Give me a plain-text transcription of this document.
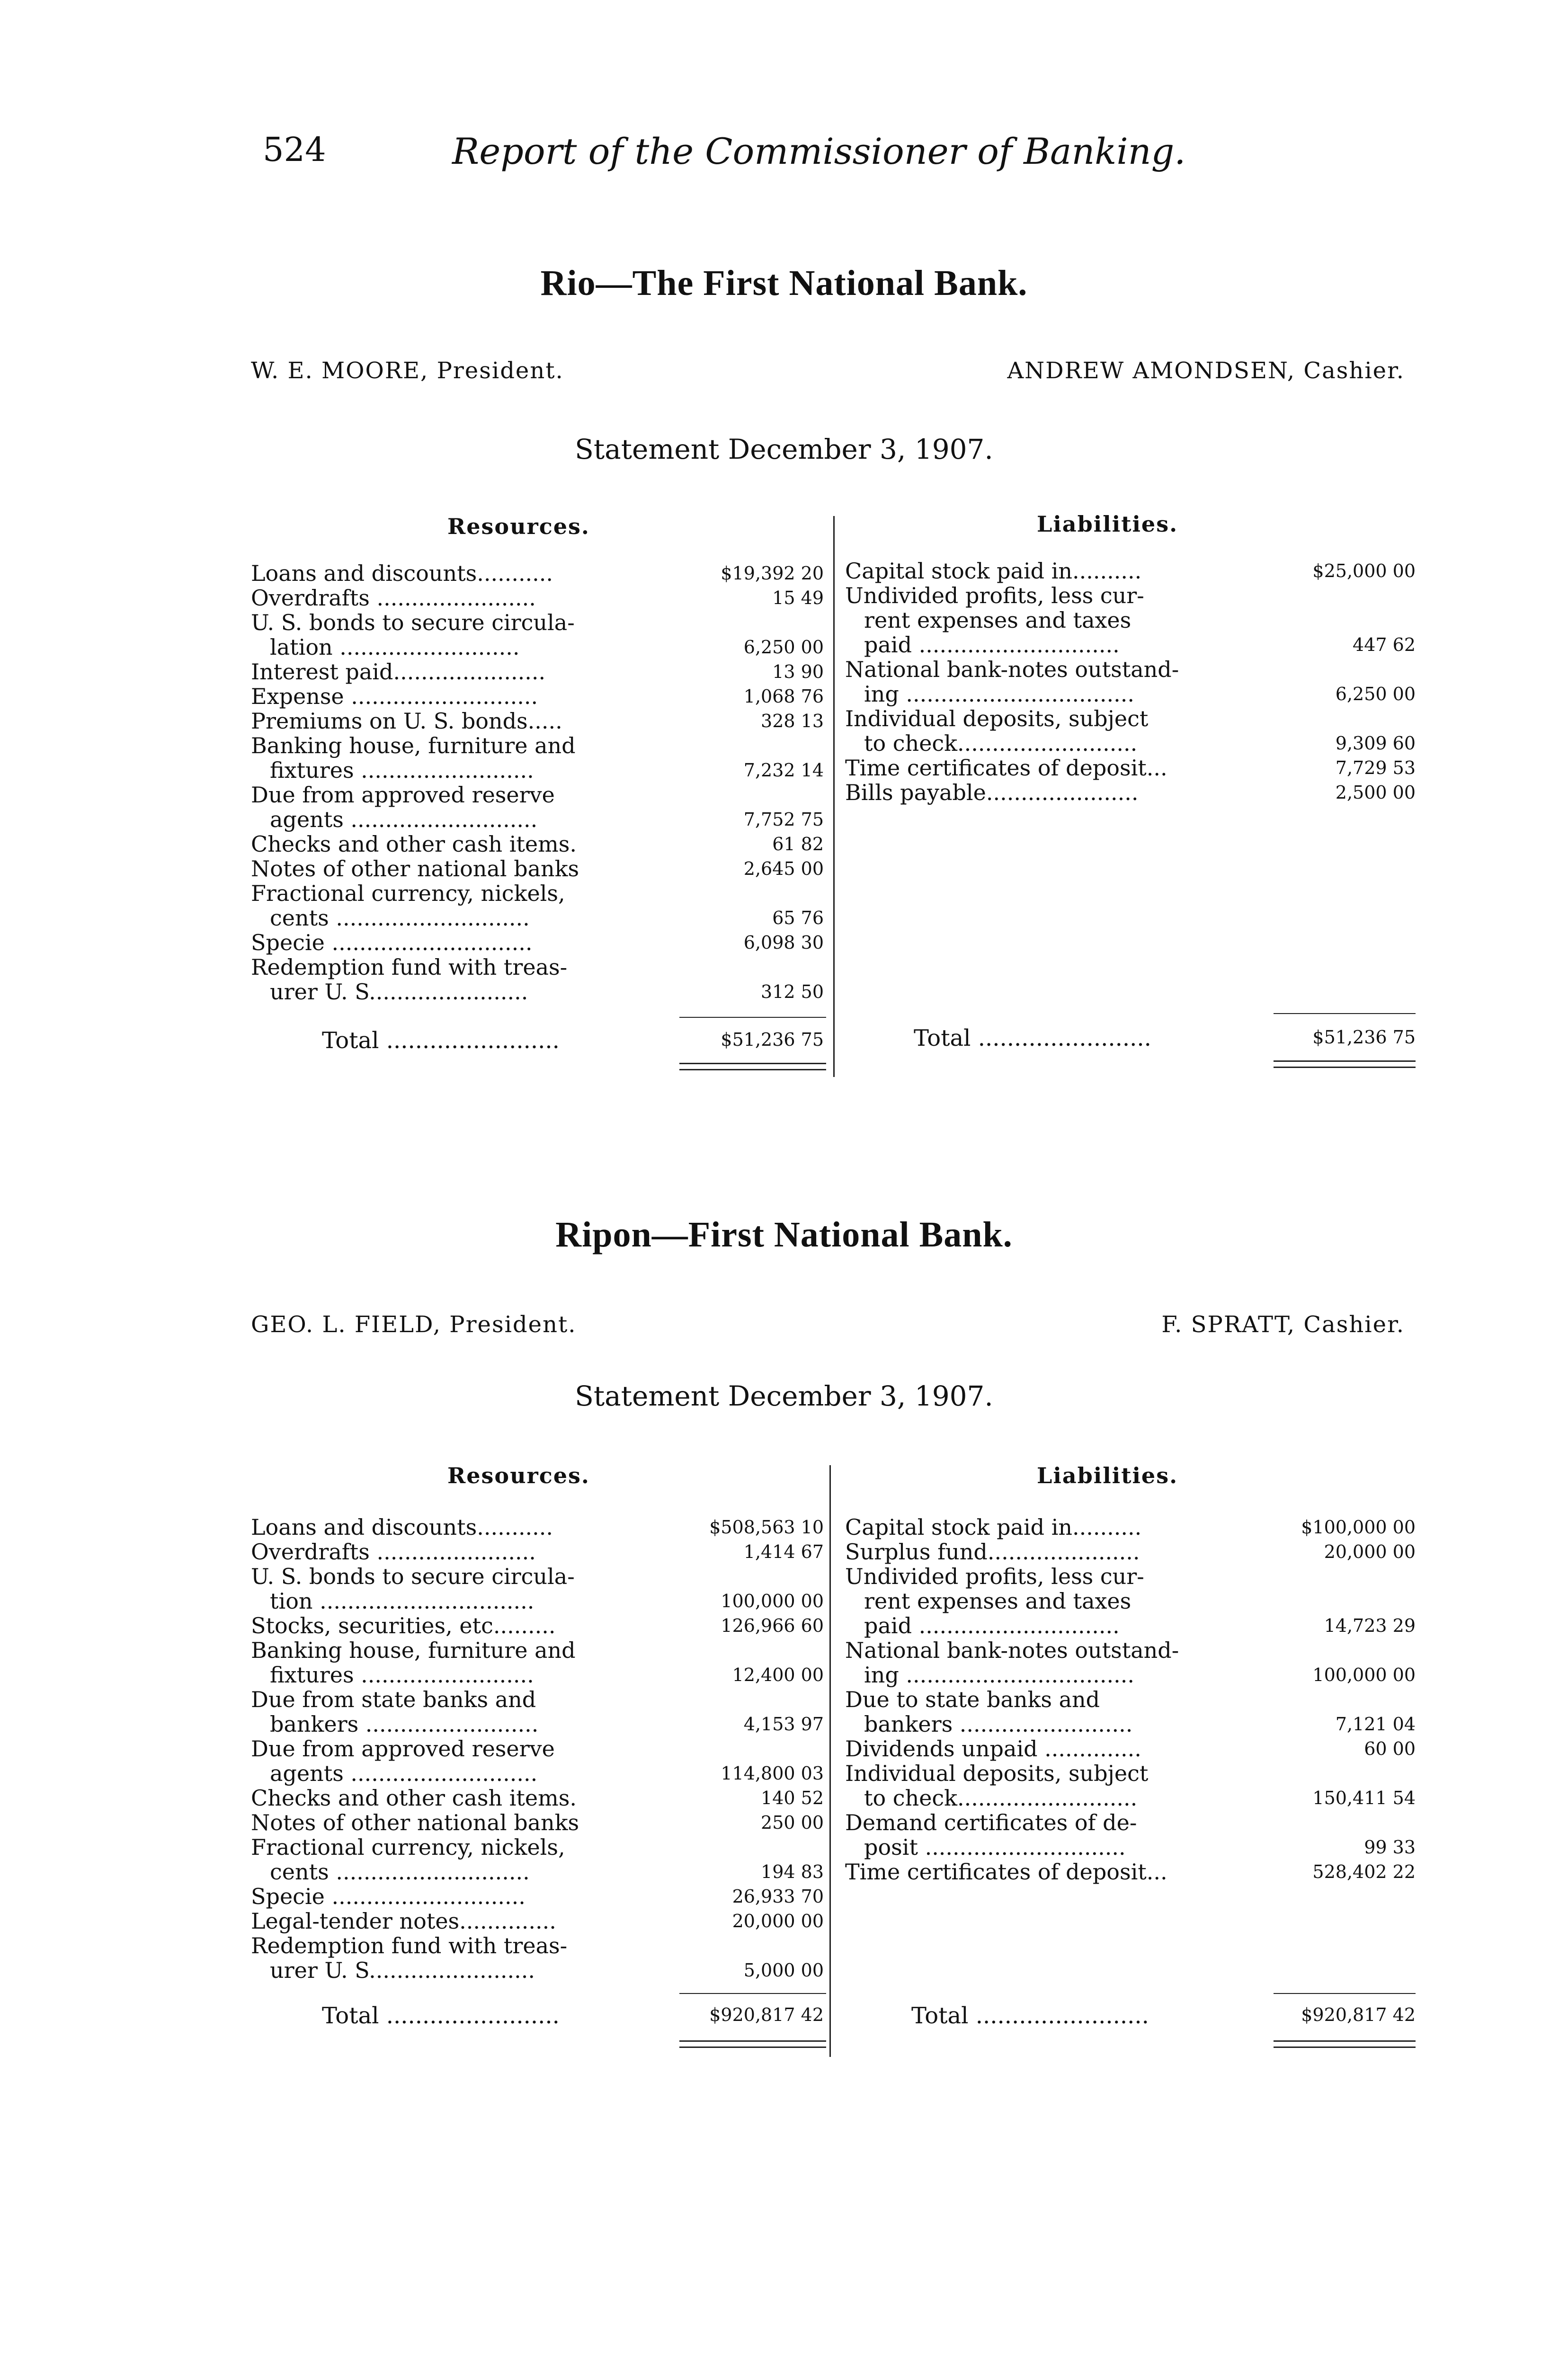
524	Report of the Commissioner of Banking.
Rio—The First National Bank.
W. E. MOORE, President.	ANDREW AMONDSEN, Cashier.
Statement December 3, 1907.
Resources.	Liabilities.
Loans and discounts...........	$19,392 20
Overdrafts .......................	15 49
U. S. bonds to secure circula-
lation ..........................	6,250 00
Interest paid......................	13 90
Expense ...........................	1,068 76
Premiums on U. S. bonds.....	328 13
Banking house, furniture and
fixtures .........................	7,232 14
Due from approved reserve
agents ...........................	7,752 75
Checks and other cash items.	61 82
Notes of other national banks	2,645 00
Fractional currency, nickels,
cents ............................	65 76
Specie .............................	6,098 30
Redemption fund with treas-
urer U. S.......................	312 50
Capital stock paid in..........	$25,000 00
Undivided profits, less cur-
rent expenses and taxes
paid .............................	447 62
National bank-notes outstand-
ing .................................	6,250 00
Individual deposits, subject
to check..........................	9,309 60
Time certificates of deposit...	7,729 53
Bills payable......................	2,500 00
Total ........................	$51,236 75	Total ........................	$51,236 75
Ripon—First National Bank.
GEO. L. FIELD, President.	F. SPRATT, Cashier.
Statement December 3, 1907.
Resources.	Liabilities.
Loans and discounts...........	$508,563 10
Overdrafts .......................	1,414 67
U. S. bonds to secure circula-
tion ...............................	100,000 00
Stocks, securities, etc.........	126,966 60
Banking house, furniture and
fixtures .........................	12,400 00
Due from state banks and
bankers .........................	4,153 97
Due from approved reserve
agents ...........................	114,800 03
Checks and other cash items.	140 52
Notes of other national banks	250 00
Fractional currency, nickels,
cents ............................	194 83
Specie ............................	26,933 70
Legal-tender notes..............	20,000 00
Redemption fund with treas-
urer U. S........................	5,000 00
Capital stock paid in..........	$100,000 00
Surplus fund......................	20,000 00
Undivided profits, less cur-
rent expenses and taxes
paid .............................	14,723 29
National bank-notes outstand-
ing .................................	100,000 00
Due to state banks and
bankers .........................	7,121 04
Dividends unpaid ..............	60 00
Individual deposits, subject
to check..........................	150,411 54
Demand certificates of de-
posit .............................	99 33
Time certificates of deposit...	528,402 22
Total ........................	$920,817 42	Total ........................	$920,817 42
